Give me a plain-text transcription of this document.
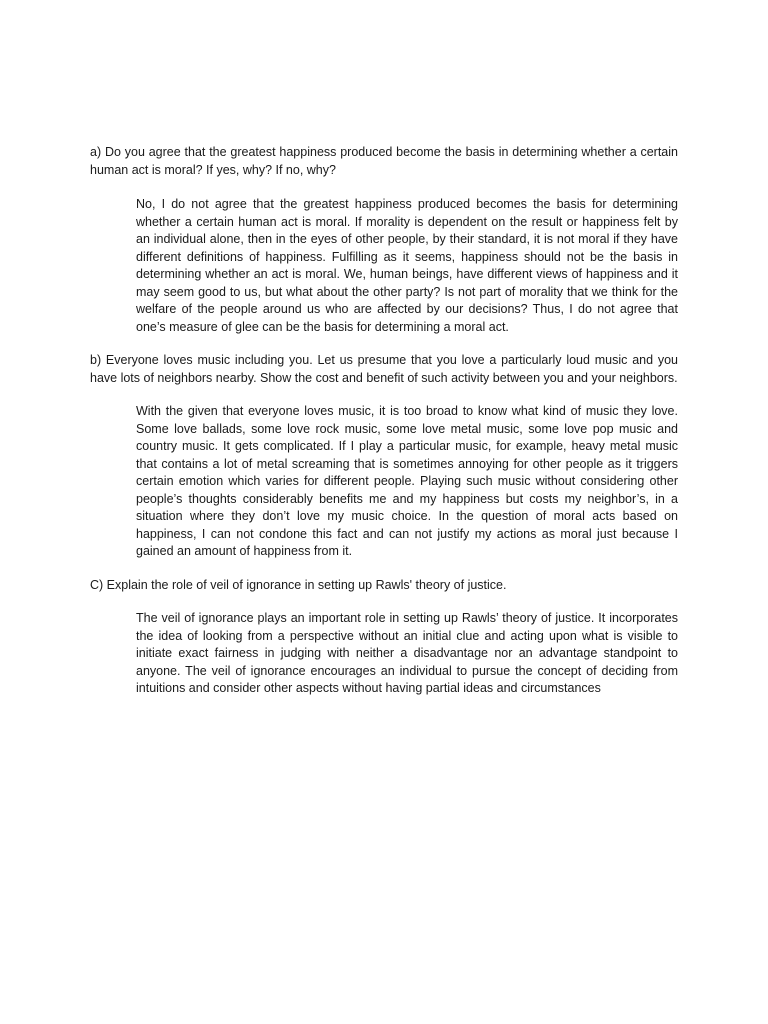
a) Do you agree that the greatest happiness produced become the basis in determining whether a certain human act is moral? If yes, why? If no, why?

No, I do not agree that the greatest happiness produced becomes the basis for determining whether a certain human act is moral. If morality is dependent on the result or happiness felt by an individual alone, then in the eyes of other people, by their standard, it is not moral if they have different definitions of happiness. Fulfilling as it seems, happiness should not be the basis in determining whether an act is moral. We, human beings, have different views of happiness and it may seem good to us, but what about the other party? Is not part of morality that we think for the welfare of the people around us who are affected by our decisions? Thus, I do not agree that one’s measure of glee can be the basis for determining a moral act.

b) Everyone loves music including you. Let us presume that you love a particularly loud music and you have lots of neighbors nearby. Show the cost and benefit of such activity between you and your neighbors.

With the given that everyone loves music, it is too broad to know what kind of music they love. Some love ballads, some love rock music, some love metal music, some love pop music and country music. It gets complicated. If I play a particular music, for example, heavy metal music that contains a lot of metal screaming that is sometimes annoying for other people as it triggers certain emotion which varies for different people. Playing such music without considering other people’s thoughts considerably benefits me and my happiness but costs my neighbor’s, in a situation where they don’t love my music choice. In the question of moral acts based on happiness, I can not condone this fact and can not justify my actions as moral just because I gained an amount of happiness from it.

C) Explain the role of veil of ignorance in setting up Rawls' theory of justice.

The veil of ignorance plays an important role in setting up Rawls’ theory of justice. It incorporates the idea of looking from a perspective without an initial clue and acting upon what is visible to initiate exact fairness in judging with neither a disadvantage nor an advantage standpoint to anyone. The veil of ignorance encourages an individual to pursue the concept of deciding from intuitions and consider other aspects without having partial ideas and circumstances
